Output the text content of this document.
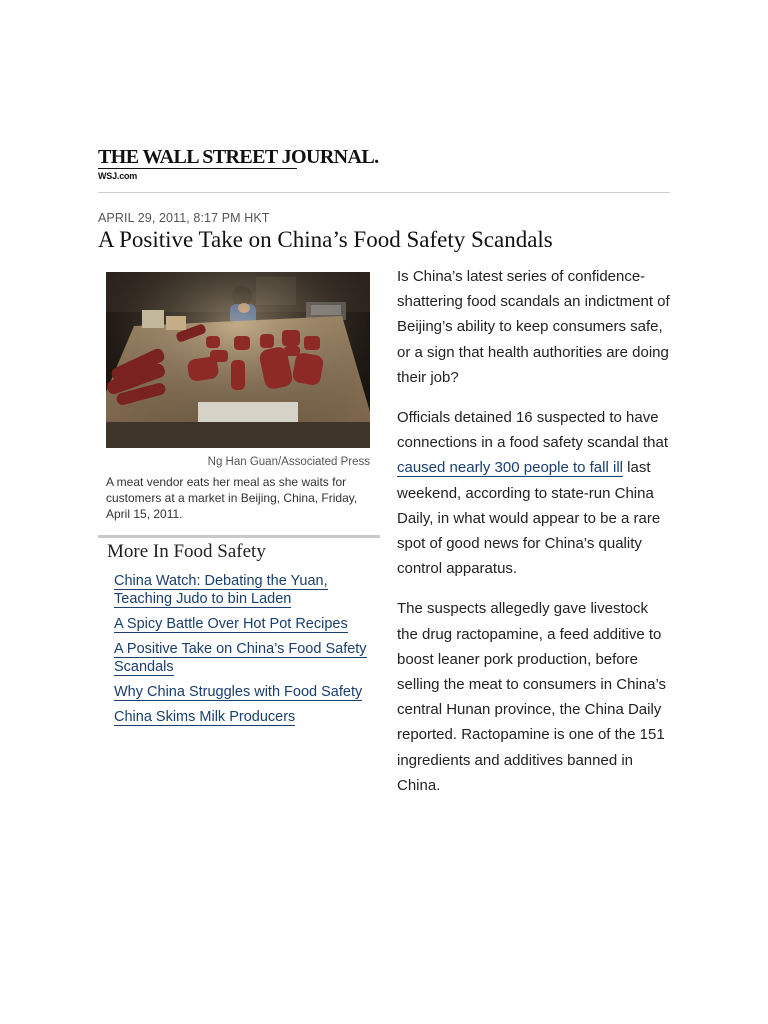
THE WALL STREET JOURNAL.
WSJ.com
APRIL 29, 2011, 8:17 PM HKT
A Positive Take on China’s Food Safety Scandals
Ng Han Guan/Associated Press
A meat vendor eats her meal as she waits for customers at a market in Beijing, China, Friday, April 15, 2011.
More In Food Safety
China Watch: Debating the Yuan, Teaching Judo to bin Laden
A Spicy Battle Over Hot Pot Recipes
A Positive Take on China’s Food Safety Scandals
Why China Struggles with Food Safety
China Skims Milk Producers

Is China’s latest series of confidence-shattering food scandals an indictment of Beijing’s ability to keep consumers safe, or a sign that health authorities are doing their job?

Officials detained 16 suspected to have connections in a food safety scandal that caused nearly 300 people to fall ill last weekend, according to state-run China Daily, in what would appear to be a rare spot of good news for China’s quality control apparatus.

The suspects allegedly gave livestock the drug ractopamine, a feed additive to boost leaner pork production, before selling the meat to consumers in China’s central Hunan province, the China Daily reported. Ractopamine is one of the 151 ingredients and additives banned in China.
